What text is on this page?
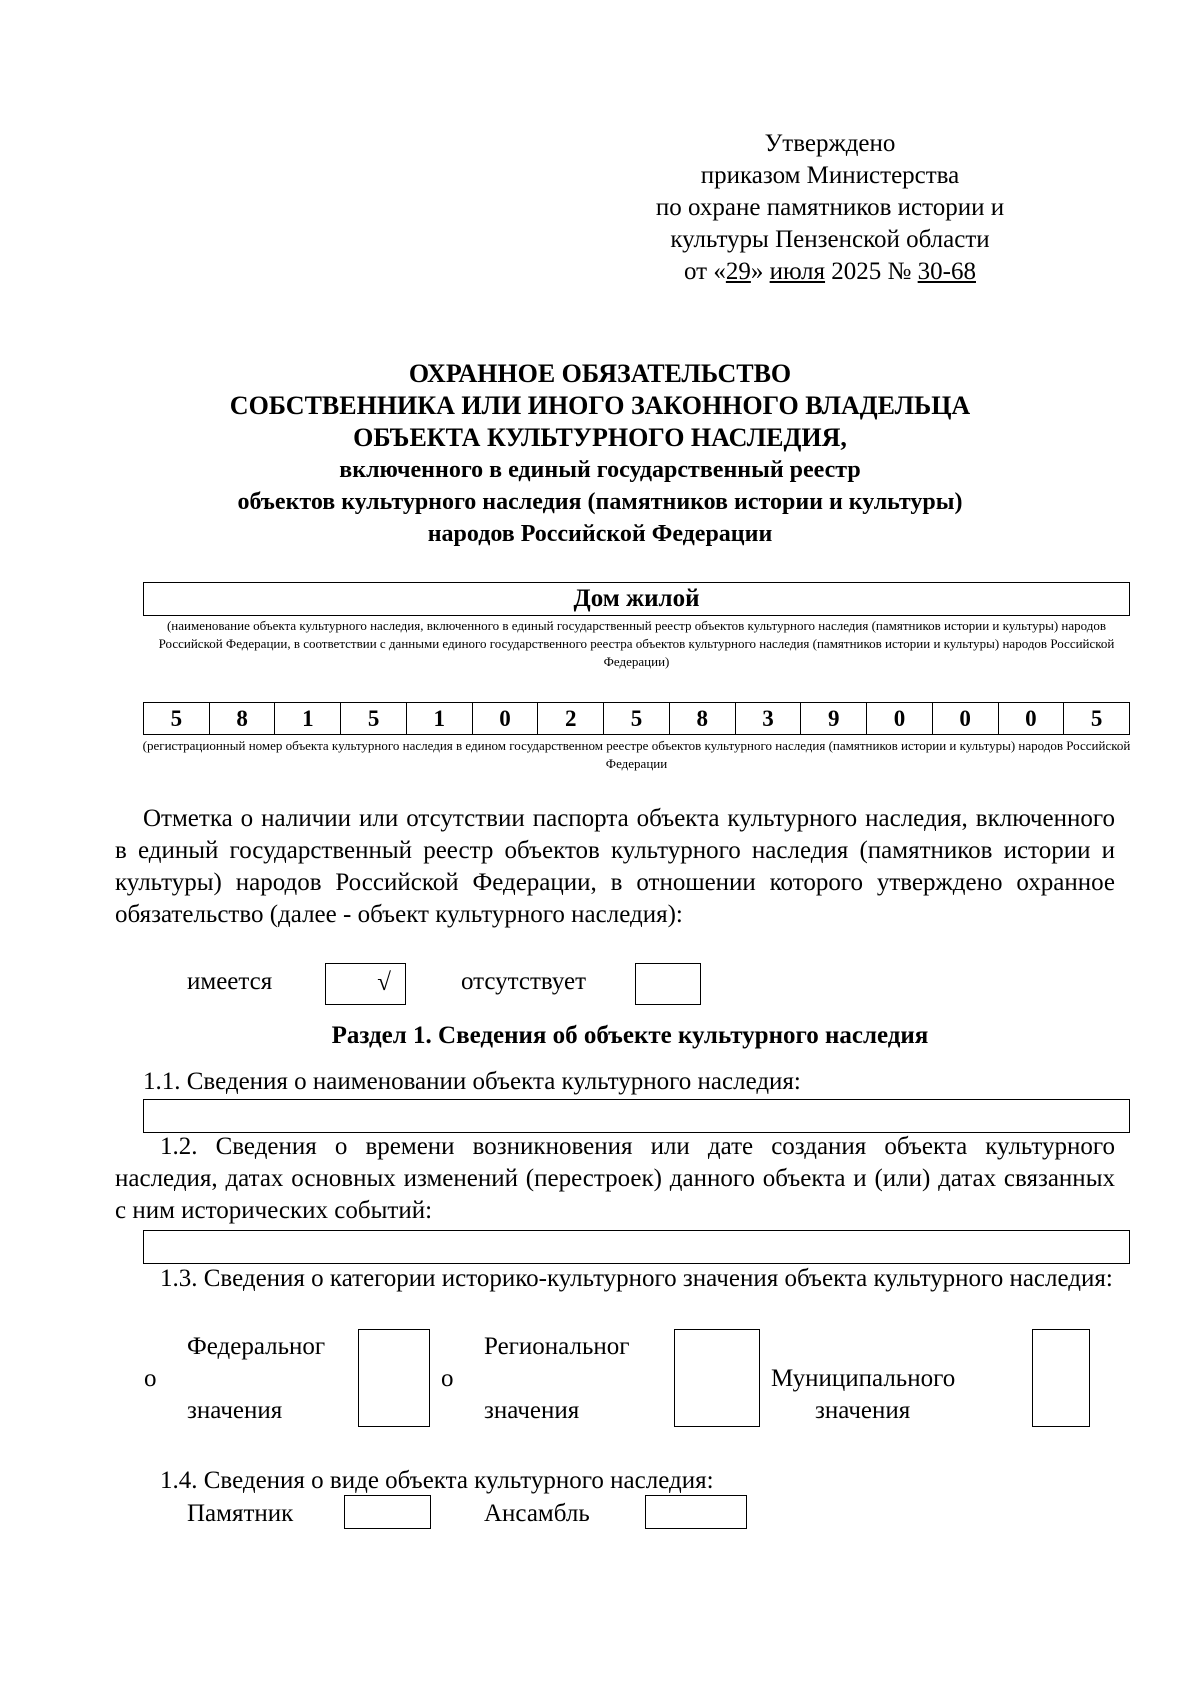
Утверждено
приказом Министерства
по охране памятников истории и
культуры Пензенской области
от «29» июля 2025 № 30-68
ОХРАННОЕ ОБЯЗАТЕЛЬСТВО
СОБСТВЕННИКА ИЛИ ИНОГО ЗАКОННОГО ВЛАДЕЛЬЦА
ОБЪЕКТА КУЛЬТУРНОГО НАСЛЕДИЯ,
включенного в единый государственный реестр
объектов культурного наследия (памятников истории и культуры)
народов Российской Федерации
Дом жилой
(наименование объекта культурного наследия, включенного в единый государственный реестр объектов культурного наследия (памятников истории и культуры) народов Российской Федерации, в соответствии с данными единого государственного реестра объектов культурного наследия (памятников истории и культуры) народов Российской Федерации)
5	8	1	5	1	0	2	5	8	3	9	0	0	0	5
(регистрационный номер объекта культурного наследия в едином государственном реестре объектов культурного наследия (памятников истории и культуры) народов Российской Федерации
Отметка о наличии или отсутствии паспорта объекта культурного наследия, включенного в единый государственный реестр объектов культурного наследия (памятников истории и культуры) народов Российской Федерации, в отношении которого утверждено охранное обязательство (далее - объект культурного наследия):
имеется	√	отсутствует
Раздел 1. Сведения об объекте культурного наследия
1.1. Сведения о наименовании объекта культурного наследия:
1.2. Сведения о времени возникновения или дате создания объекта культурного наследия, датах основных изменений (перестроек) данного объекта и (или) датах связанных с ним исторических событий:
1.3. Сведения о категории историко-культурного значения объекта культурного наследия:
Федеральног
о
значения
Региональног
о
значения
Муниципального
значения
1.4. Сведения о виде объекта культурного наследия:
Памятник	Ансамбль
